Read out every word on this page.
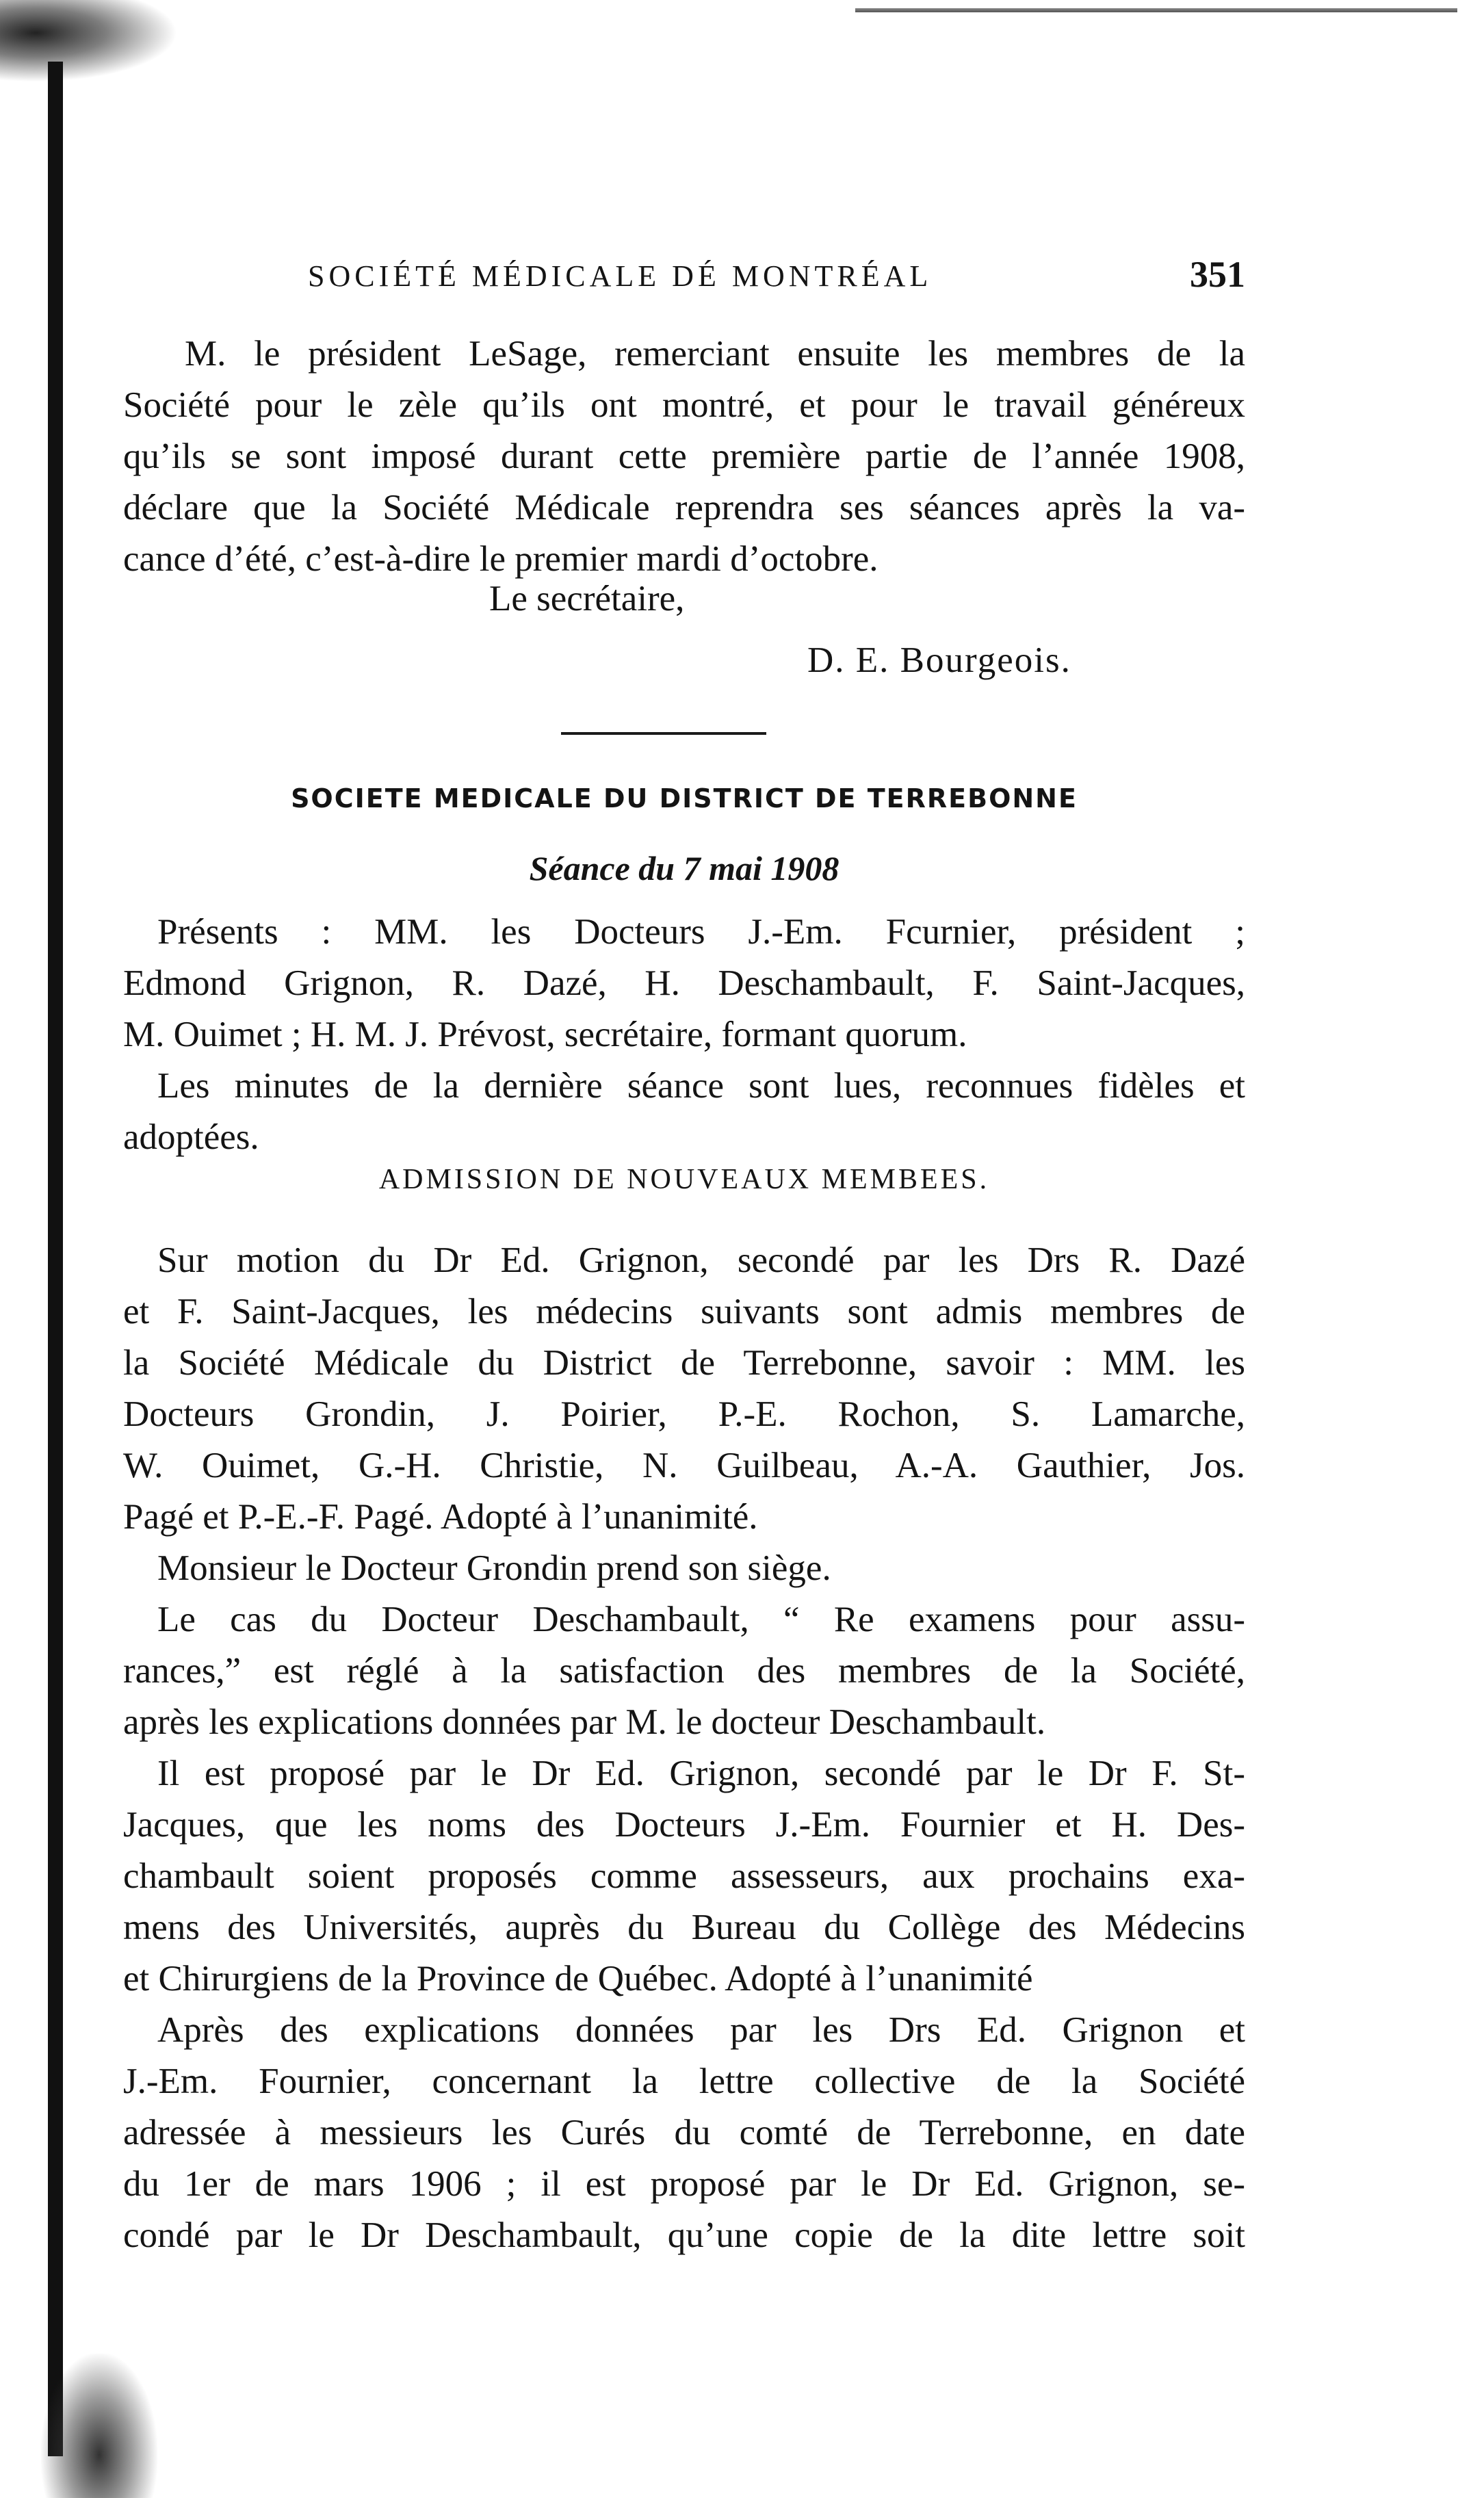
SOCIÉTÉ MÉDICALE DÉ MONTRÉAL	351
M. le président LeSage, remerciant ensuite les membres de la
Société pour le zèle qu’ils ont montré, et pour le travail généreux
qu’ils se sont imposé durant cette première partie de l’année 1908,
déclare que la Société Médicale reprendra ses séances après la va-
cance d’été, c’est-à-dire le premier mardi d’octobre.
Le secrétaire,
D. E. Bourgeois.
SOCIETE MEDICALE DU DISTRICT DE TERREBONNE
Séance du 7 mai 1908
Présents : MM. les Docteurs J.-Em. Fcurnier, président ;
Edmond Grignon, R. Dazé, H. Deschambault, F. Saint-Jacques,
M. Ouimet ; H. M. J. Prévost, secrétaire, formant quorum.
Les minutes de la dernière séance sont lues, reconnues fidèles et
adoptées.
ADMISSION DE NOUVEAUX MEMBEES.
Sur motion du Dr Ed. Grignon, secondé par les Drs R. Dazé
et F. Saint-Jacques, les médecins suivants sont admis membres de
la Société Médicale du District de Terrebonne, savoir : MM. les
Docteurs Grondin, J. Poirier, P.-E. Rochon, S. Lamarche,
W. Ouimet, G.-H. Christie, N. Guilbeau, A.-A. Gauthier, Jos.
Pagé et P.-E.-F. Pagé. Adopté à l’unanimité.
Monsieur le Docteur Grondin prend son siège.
Le cas du Docteur Deschambault, “ Re examens pour assu-
rances,” est réglé à la satisfaction des membres de la Société,
après les explications données par M. le docteur Deschambault.
Il est proposé par le Dr Ed. Grignon, secondé par le Dr F. St-
Jacques, que les noms des Docteurs J.-Em. Fournier et H. Des-
chambault soient proposés comme assesseurs, aux prochains exa-
mens des Universités, auprès du Bureau du Collège des Médecins
et Chirurgiens de la Province de Québec. Adopté à l’unanimité
Après des explications données par les Drs Ed. Grignon et
J.-Em. Fournier, concernant la lettre collective de la Société
adressée à messieurs les Curés du comté de Terrebonne, en date
du 1er de mars 1906 ; il est proposé par le Dr Ed. Grignon, se-
condé par le Dr Deschambault, qu’une copie de la dite lettre soit
